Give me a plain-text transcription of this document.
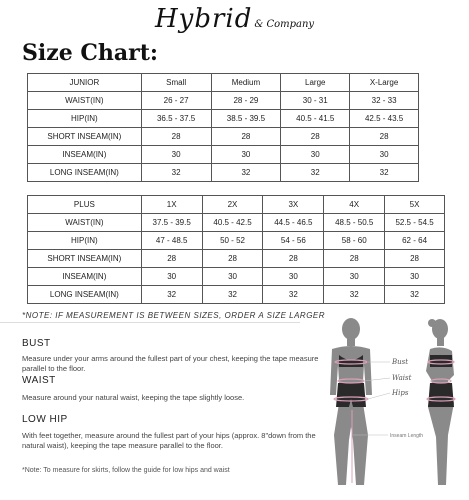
Hybrid & Company
Size Chart:
JUNIOR	Small	Medium	Large	X-Large
WAIST(IN)	26 - 27	28 - 29	30 - 31	32 - 33
HIP(IN)	36.5 - 37.5	38.5 - 39.5	40.5 - 41.5	42.5 - 43.5
SHORT INSEAM(IN)	28	28	28	28
INSEAM(IN)	30	30	30	30
LONG INSEAM(IN)	32	32	32	32
PLUS	1X	2X	3X	4X	5X
WAIST(IN)	37.5 - 39.5	40.5 - 42.5	44.5 - 46.5	48.5 - 50.5	52.5 - 54.5
HIP(IN)	47 - 48.5	50 - 52	54 - 56	58 - 60	62 - 64
SHORT INSEAM(IN)	28	28	28	28	28
INSEAM(IN)	30	30	30	30	30
LONG INSEAM(IN)	32	32	32	32	32
*NOTE: IF MEASUREMENT IS BETWEEN SIZES, ORDER A SIZE LARGER
BUST
Measure under your arms around the fullest part of your chest, keeping the tape measure parallel to the floor.
WAIST
Measure around your natural waist, keeping the tape slightly loose.
LOW HIP
With feet together, measure around the fullest part of your hips (approx. 8"down from the natural waist), keeping the tape measure parallel to the floor.
*Note: To measure for skirts, follow the guide for low hips and waist
Bust
Waist
Hips
Inseam Length
